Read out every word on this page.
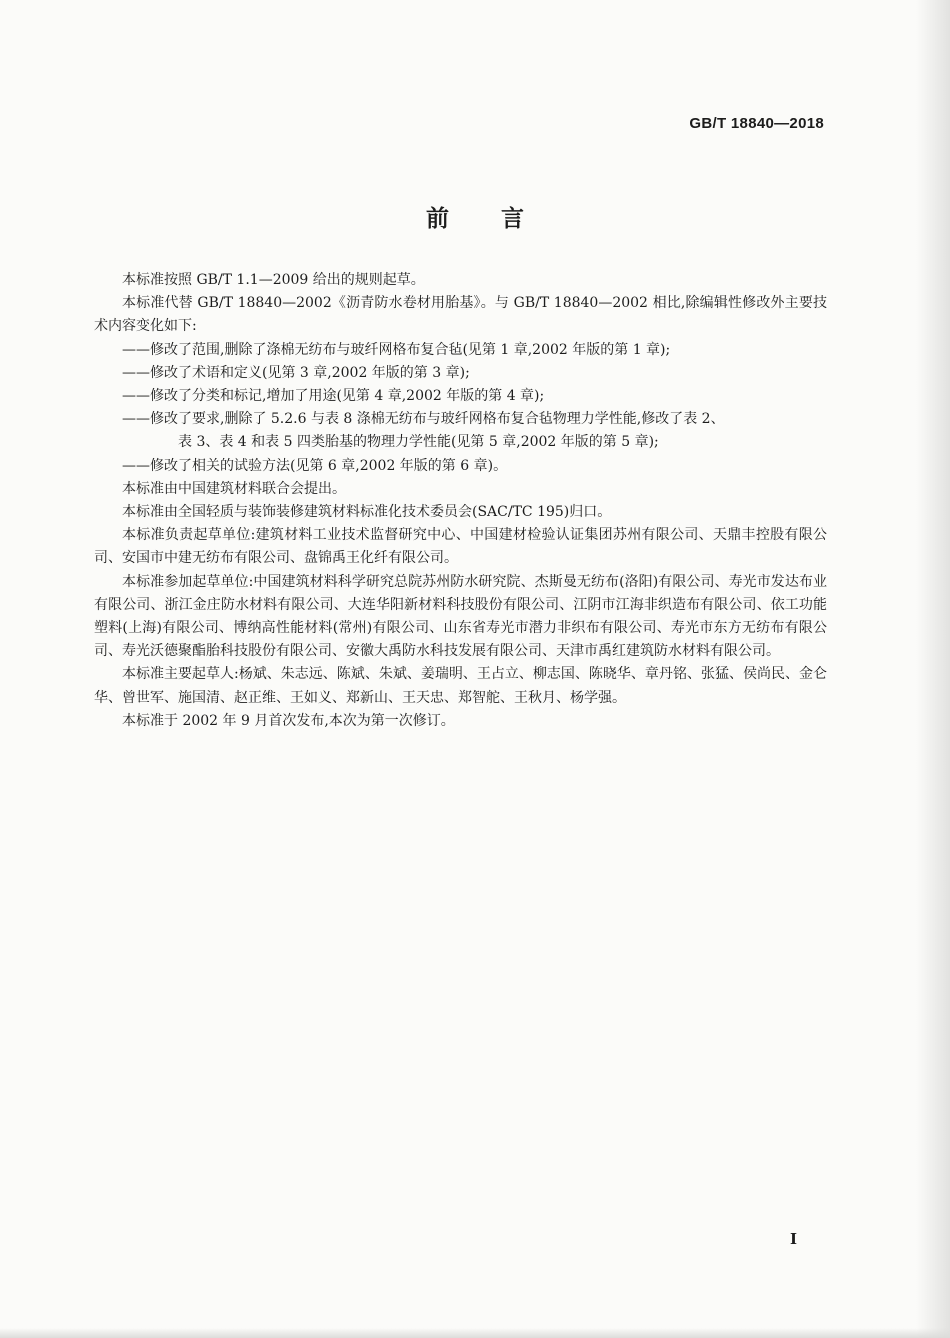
GB/T 18840—2018
前言

本标准按照 GB/T 1.1—2009 给出的规则起草。

本标准代替 GB/T 18840—2002《沥青防水卷材用胎基》。与 GB/T 18840—2002 相比,除编辑性修改外主要技术内容变化如下:

——修改了范围,删除了涤棉无纺布与玻纤网格布复合毡(见第 1 章,2002 年版的第 1 章);
——修改了术语和定义(见第 3 章,2002 年版的第 3 章);
——修改了分类和标记,增加了用途(见第 4 章,2002 年版的第 4 章);
——修改了要求,删除了 5.2.6 与表 8 涤棉无纺布与玻纤网格布复合毡物理力学性能,修改了表 2、
表 3、表 4 和表 5 四类胎基的物理力学性能(见第 5 章,2002 年版的第 5 章);
——修改了相关的试验方法(见第 6 章,2002 年版的第 6 章)。

本标准由中国建筑材料联合会提出。

本标准由全国轻质与装饰装修建筑材料标准化技术委员会(SAC/TC 195)归口。

本标准负责起草单位:建筑材料工业技术监督研究中心、中国建材检验认证集团苏州有限公司、天鼎丰控股有限公司、安国市中建无纺布有限公司、盘锦禹王化纤有限公司。

本标准参加起草单位:中国建筑材料科学研究总院苏州防水研究院、杰斯曼无纺布(洛阳)有限公司、寿光市发达布业有限公司、浙江金庄防水材料有限公司、大连华阳新材料科技股份有限公司、江阴市江海非织造布有限公司、依工功能塑料(上海)有限公司、博纳高性能材料(常州)有限公司、山东省寿光市潜力非织布有限公司、寿光市东方无纺布有限公司、寿光沃德聚酯胎科技股份有限公司、安徽大禹防水科技发展有限公司、天津市禹红建筑防水材料有限公司。

本标准主要起草人:杨斌、朱志远、陈斌、朱斌、姜瑞明、王占立、柳志国、陈晓华、章丹铭、张猛、侯尚民、金仑华、曾世军、施国清、赵正维、王如义、郑新山、王天忠、郑智舵、王秋月、杨学强。

本标准于 2002 年 9 月首次发布,本次为第一次修订。

I
